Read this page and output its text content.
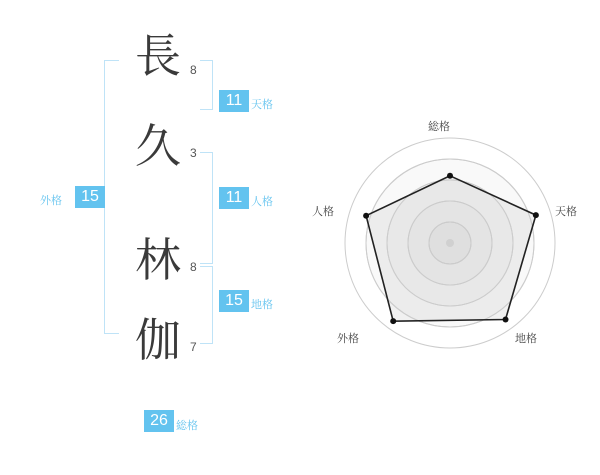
外格	15
長 8
久 3
林 8
伽 7
11 天格
11 人格
15 地格
26 総格
総格
天格
地格
外格
人格
